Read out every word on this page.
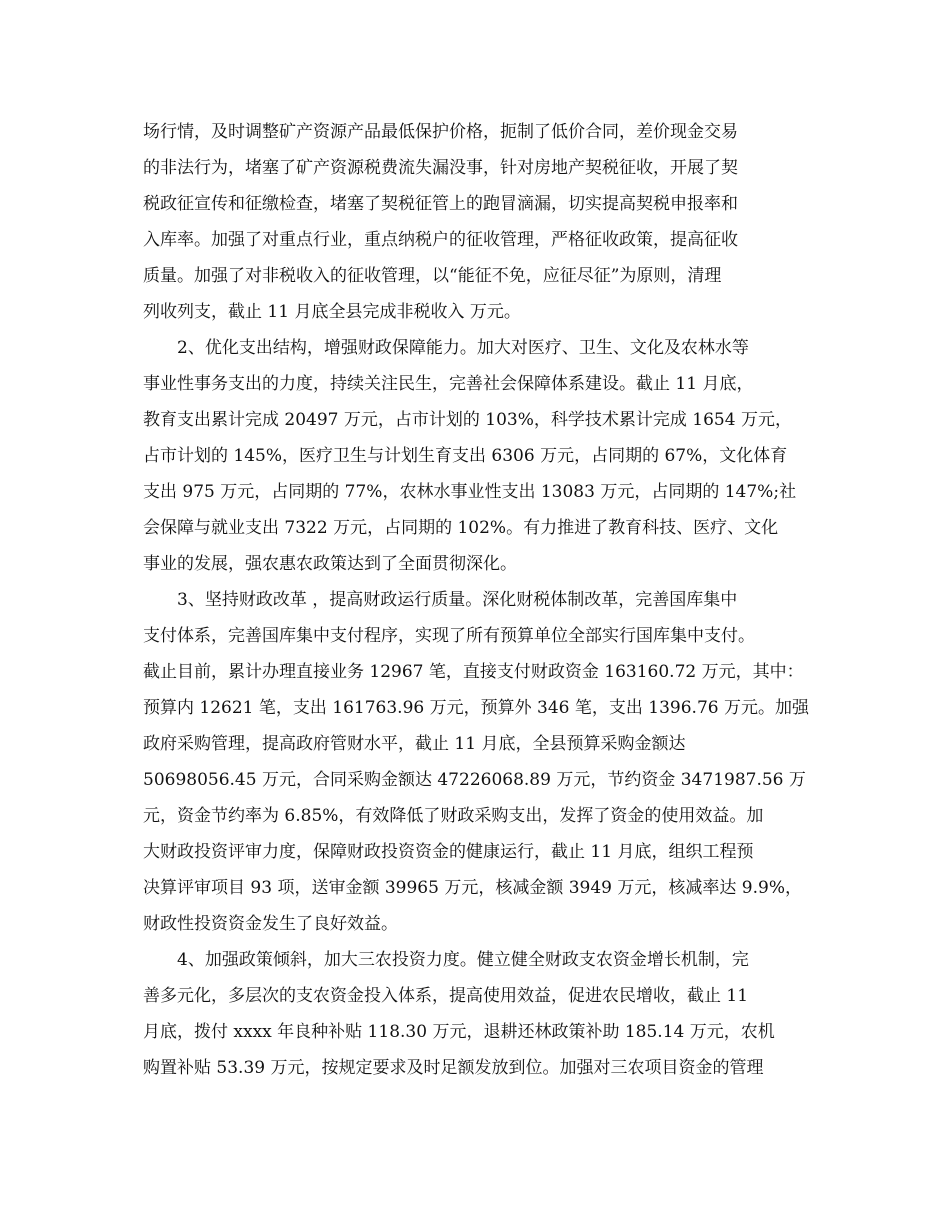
场行情，及时调整矿产资源产品最低保护价格，扼制了低价合同，差价现金交易
的非法行为，堵塞了矿产资源税费流失漏没事，针对房地产契税征收，开展了契
税政征宣传和征缴检查，堵塞了契税征管上的跑冒滴漏，切实提高契税申报率和
入库率。加强了对重点行业，重点纳税户的征收管理，严格征收政策，提高征收
质量。加强了对非税收入的征收管理，以“能征不免，应征尽征”为原则，清理
列收列支，截止 11 月底全县完成非税收入 万元。
2、优化支出结构，增强财政保障能力。加大对医疗、卫生、文化及农林水等
事业性事务支出的力度，持续关注民生，完善社会保障体系建设。截止 11 月底，
教育支出累计完成 20497 万元，占市计划的 103%，科学技术累计完成 1654 万元，
占市计划的 145%，医疗卫生与计划生育支出 6306 万元，占同期的 67%，文化体育
支出 975 万元，占同期的 77%，农林水事业性支出 13083 万元，占同期的 147%;社
会保障与就业支出 7322 万元，占同期的 102%。有力推进了教育科技、医疗、文化
事业的发展，强农惠农政策达到了全面贯彻深化。
3、坚持财政改革 ，提高财政运行质量。深化财税体制改革，完善国库集中
支付体系，完善国库集中支付程序，实现了所有预算单位全部实行国库集中支付。
截止目前，累计办理直接业务 12967 笔，直接支付财政资金 163160.72 万元，其中：
预算内 12621 笔，支出 161763.96 万元，预算外 346 笔，支出 1396.76 万元。加强
政府采购管理，提高政府管财水平，截止 11 月底，全县预算采购金额达
50698056.45 万元，合同采购金额达 47226068.89 万元，节约资金 3471987.56 万
元，资金节约率为 6.85%，有效降低了财政采购支出，发挥了资金的使用效益。加
大财政投资评审力度，保障财政投资资金的健康运行，截止 11 月底，组织工程预
决算评审项目 93 项，送审金额 39965 万元，核减金额 3949 万元，核减率达 9.9%，
财政性投资资金发生了良好效益。
4、加强政策倾斜，加大三农投资力度。健立健全财政支农资金增长机制，完
善多元化，多层次的支农资金投入体系，提高使用效益，促进农民增收，截止 11
月底，拨付 xxxx 年良种补贴 118.30 万元，退耕还林政策补助 185.14 万元，农机
购置补贴 53.39 万元，按规定要求及时足额发放到位。加强对三农项目资金的管理
